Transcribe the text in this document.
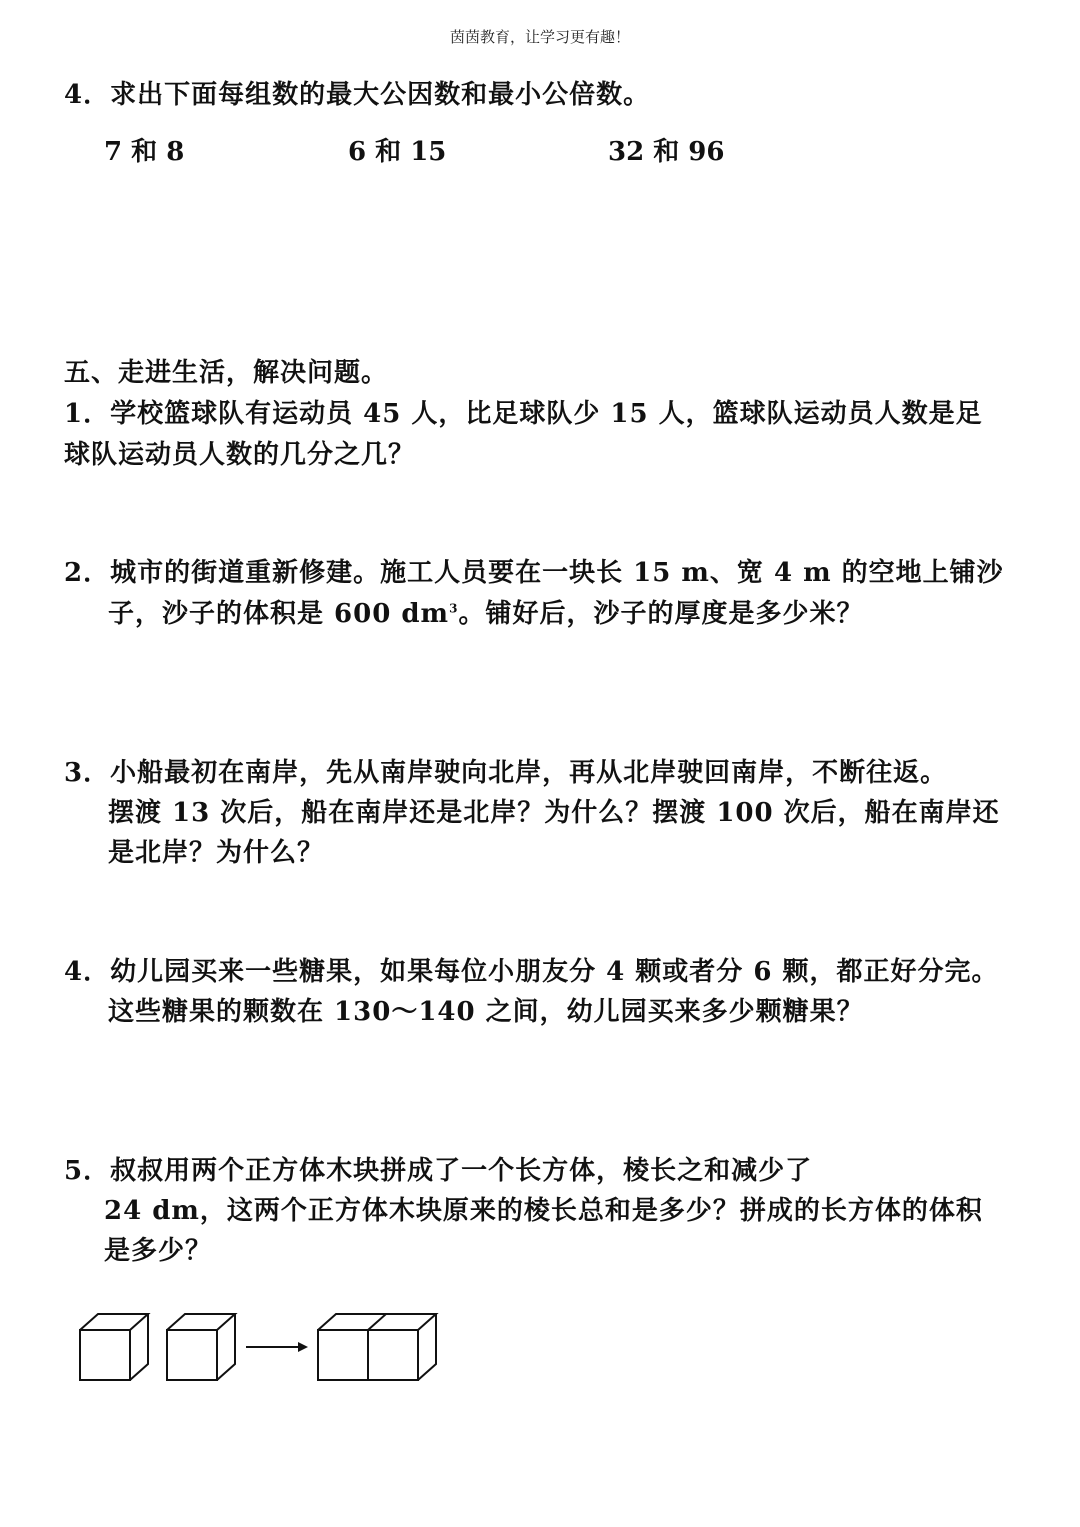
茵茵教育，让学习更有趣！
4．求出下面每组数的最大公因数和最小公倍数。
7 和 8	6 和 15	32 和 96
五、走进生活，解决问题。
1．学校篮球队有运动员 45 人，比足球队少 15 人，篮球队运动员人数是足
球队运动员人数的几分之几？
2．城市的街道重新修建。施工人员要在一块长 15 m、宽 4 m 的空地上铺沙
子，沙子的体积是 600 $dm^3$。铺好后，沙子的厚度是多少米？
3．小船最初在南岸，先从南岸驶向北岸，再从北岸驶回南岸，不断往返。
摆渡 13 次后，船在南岸还是北岸？为什么？摆渡 100 次后，船在南岸还
是北岸？为什么？
4．幼儿园买来一些糖果，如果每位小朋友分 4 颗或者分 6 颗，都正好分完。
这些糖果的颗数在 130～140 之间，幼儿园买来多少颗糖果？
5．叔叔用两个正方体木块拼成了一个长方体，棱长之和减少了
24 dm，这两个正方体木块原来的棱长总和是多少？拼成的长方体的体积
是多少？
